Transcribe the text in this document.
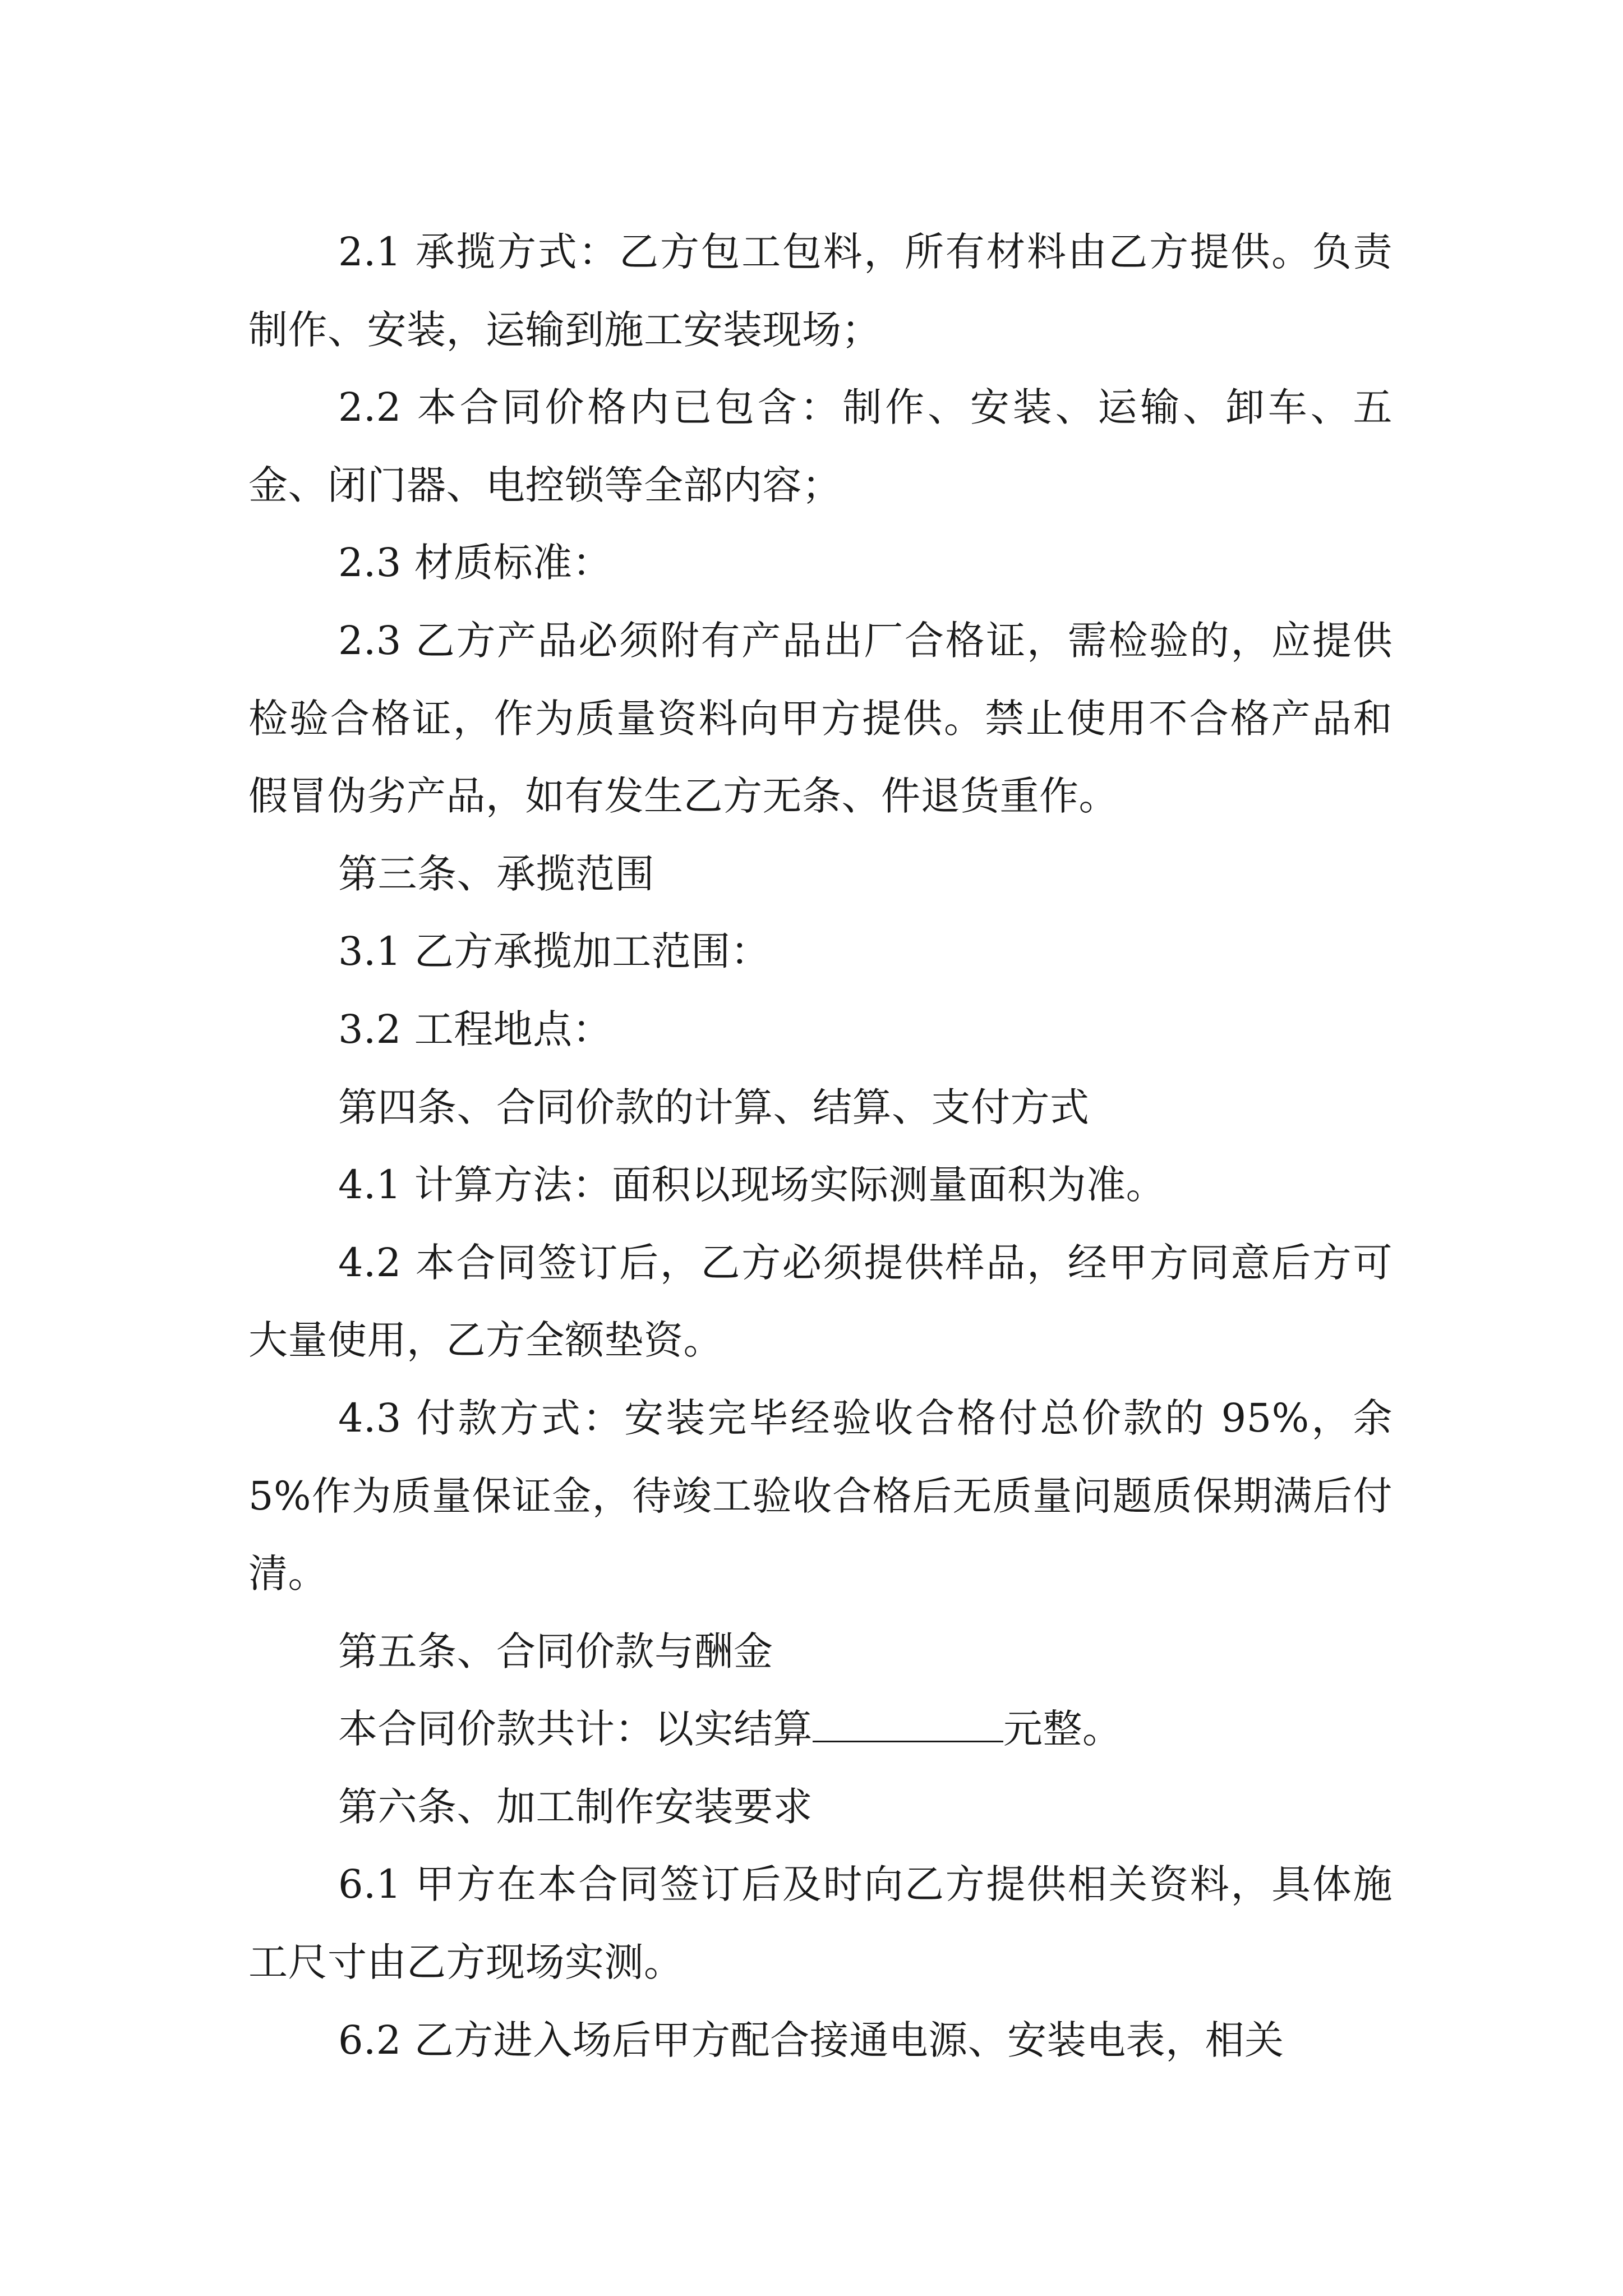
2.1 承揽方式：乙方包工包料，所有材料由乙方提供。负责制作、安装，运输到施工安装现场；

2.2 本合同价格内已包含：制作、安装、运输、卸车、五金、闭门器、电控锁等全部内容；

2.3 材质标准：

2.3 乙方产品必须附有产品出厂合格证，需检验的，应提供检验合格证，作为质量资料向甲方提供。禁止使用不合格产品和假冒伪劣产品，如有发生乙方无条、件退货重作。

第三条、承揽范围

3.1 乙方承揽加工范围：

3.2 工程地点：

第四条、合同价款的计算、结算、支付方式

4.1 计算方法：面积以现场实际测量面积为准。

4.2 本合同签订后，乙方必须提供样品，经甲方同意后方可大量使用，乙方全额垫资。

4.3 付款方式：安装完毕经验收合格付总价款的 95%，余 5%作为质量保证金，待竣工验收合格后无质量问题质保期满后付清。

第五条、合同价款与酬金

本合同价款共计：以实结算	元整。

第六条、加工制作安装要求

6.1 甲方在本合同签订后及时向乙方提供相关资料，具体施工尺寸由乙方现场实测。

6.2 乙方进入场后甲方配合接通电源、安装电表，相关
